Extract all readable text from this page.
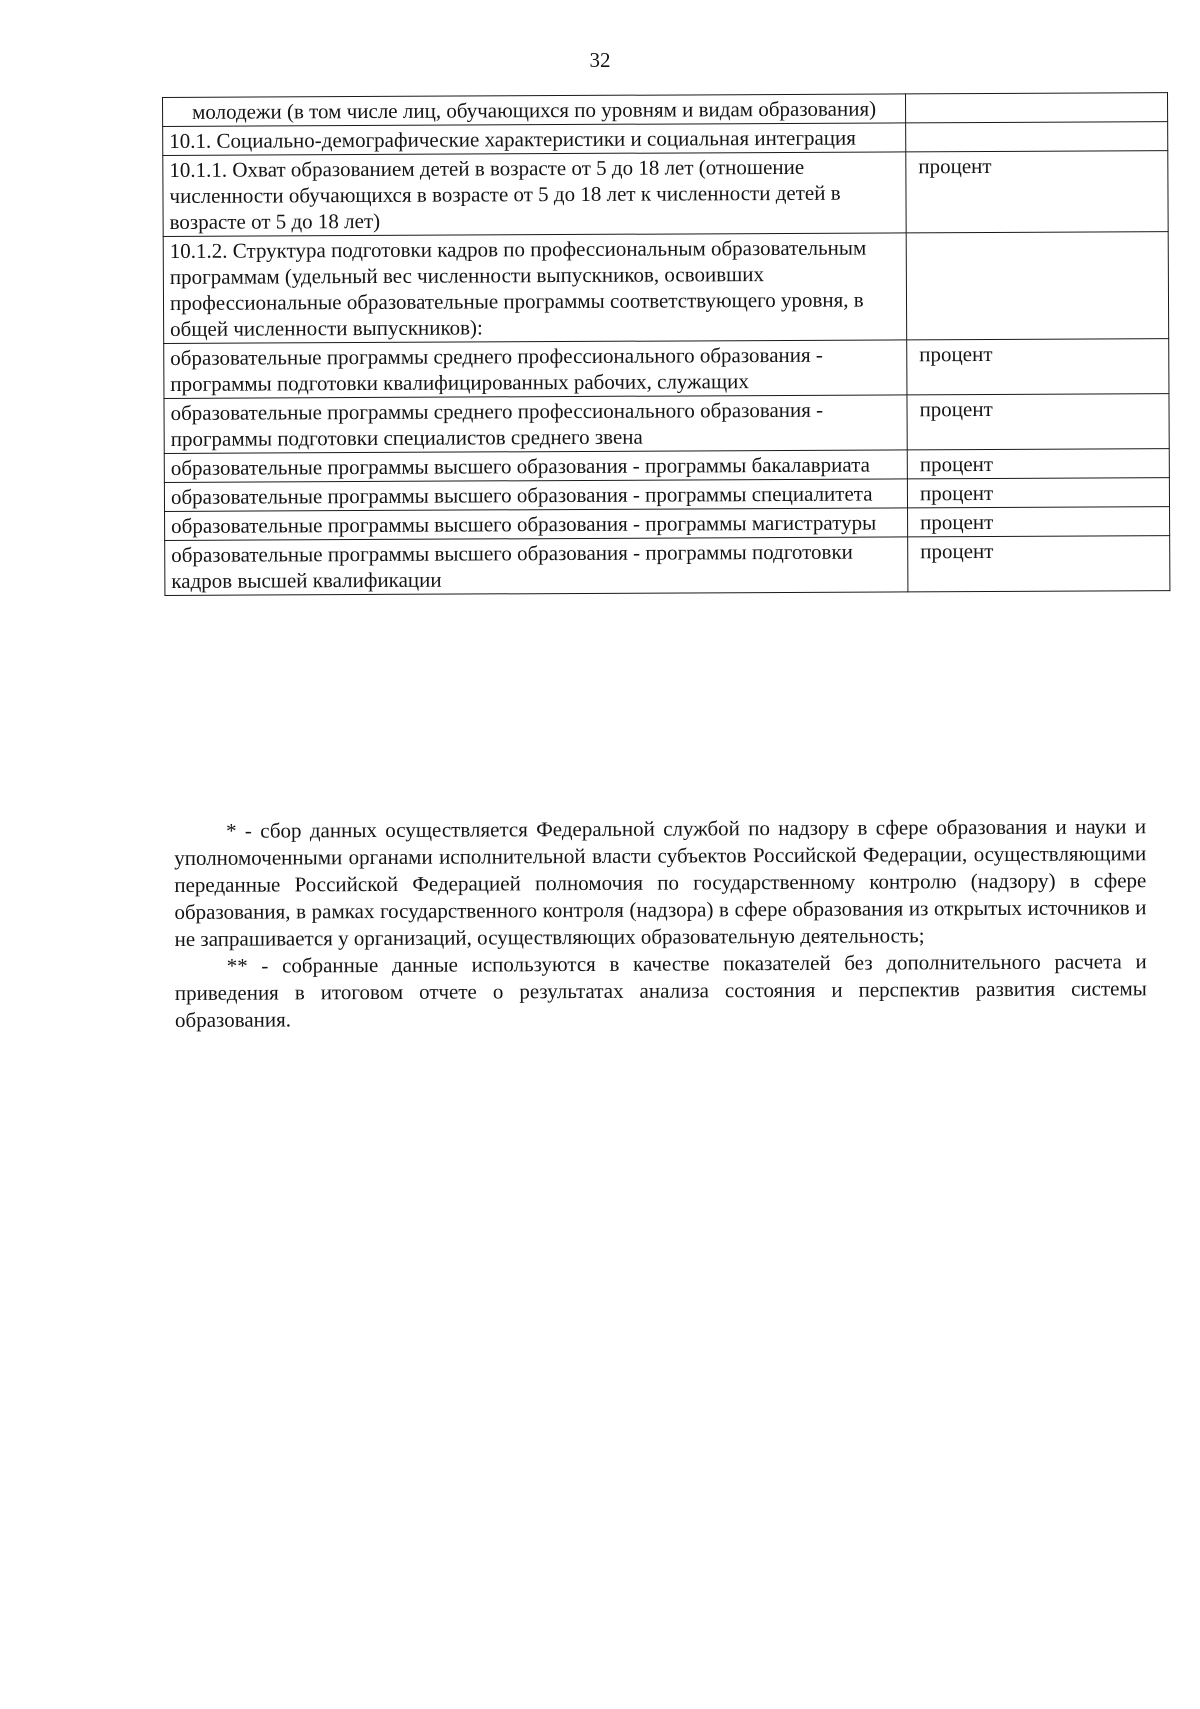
32
молодежи (в том числе лиц, обучающихся по уровням и видам образования)	
10.1. Социально-демографические характеристики и социальная интеграция	
10.1.1. Охват образованием детей в возрасте от 5 до 18 лет (отношение численности обучающихся в возрасте от 5 до 18 лет к численности детей в возрасте от 5 до 18 лет)	процент
10.1.2. Структура подготовки кадров по профессиональным образовательным программам (удельный вес численности выпускников, освоивших профессиональные образовательные программы соответствующего уровня, в общей численности выпускников):	
образовательные программы среднего профессионального образования - программы подготовки квалифицированных рабочих, служащих	процент
образовательные программы среднего профессионального образования - программы подготовки специалистов среднего звена	процент
образовательные программы высшего образования - программы бакалавриата	процент
образовательные программы высшего образования - программы специалитета	процент
образовательные программы высшего образования - программы магистратуры	процент
образовательные программы высшего образования - программы подготовки кадров высшей квалификации	процент

* - сбор данных осуществляется Федеральной службой по надзору в сфере образования и науки и уполномоченными органами исполнительной власти субъектов Российской Федерации, осуществляющими переданные Российской Федерацией полномочия по государственному контролю (надзору) в сфере образования, в рамках государственного контроля (надзора) в сфере образования из открытых источников и не запрашивается у организаций, осуществляющих образовательную деятельность;

** - собранные данные используются в качестве показателей без дополнительного расчета и приведения в итоговом отчете о результатах анализа состояния и перспектив развития системы образования.
